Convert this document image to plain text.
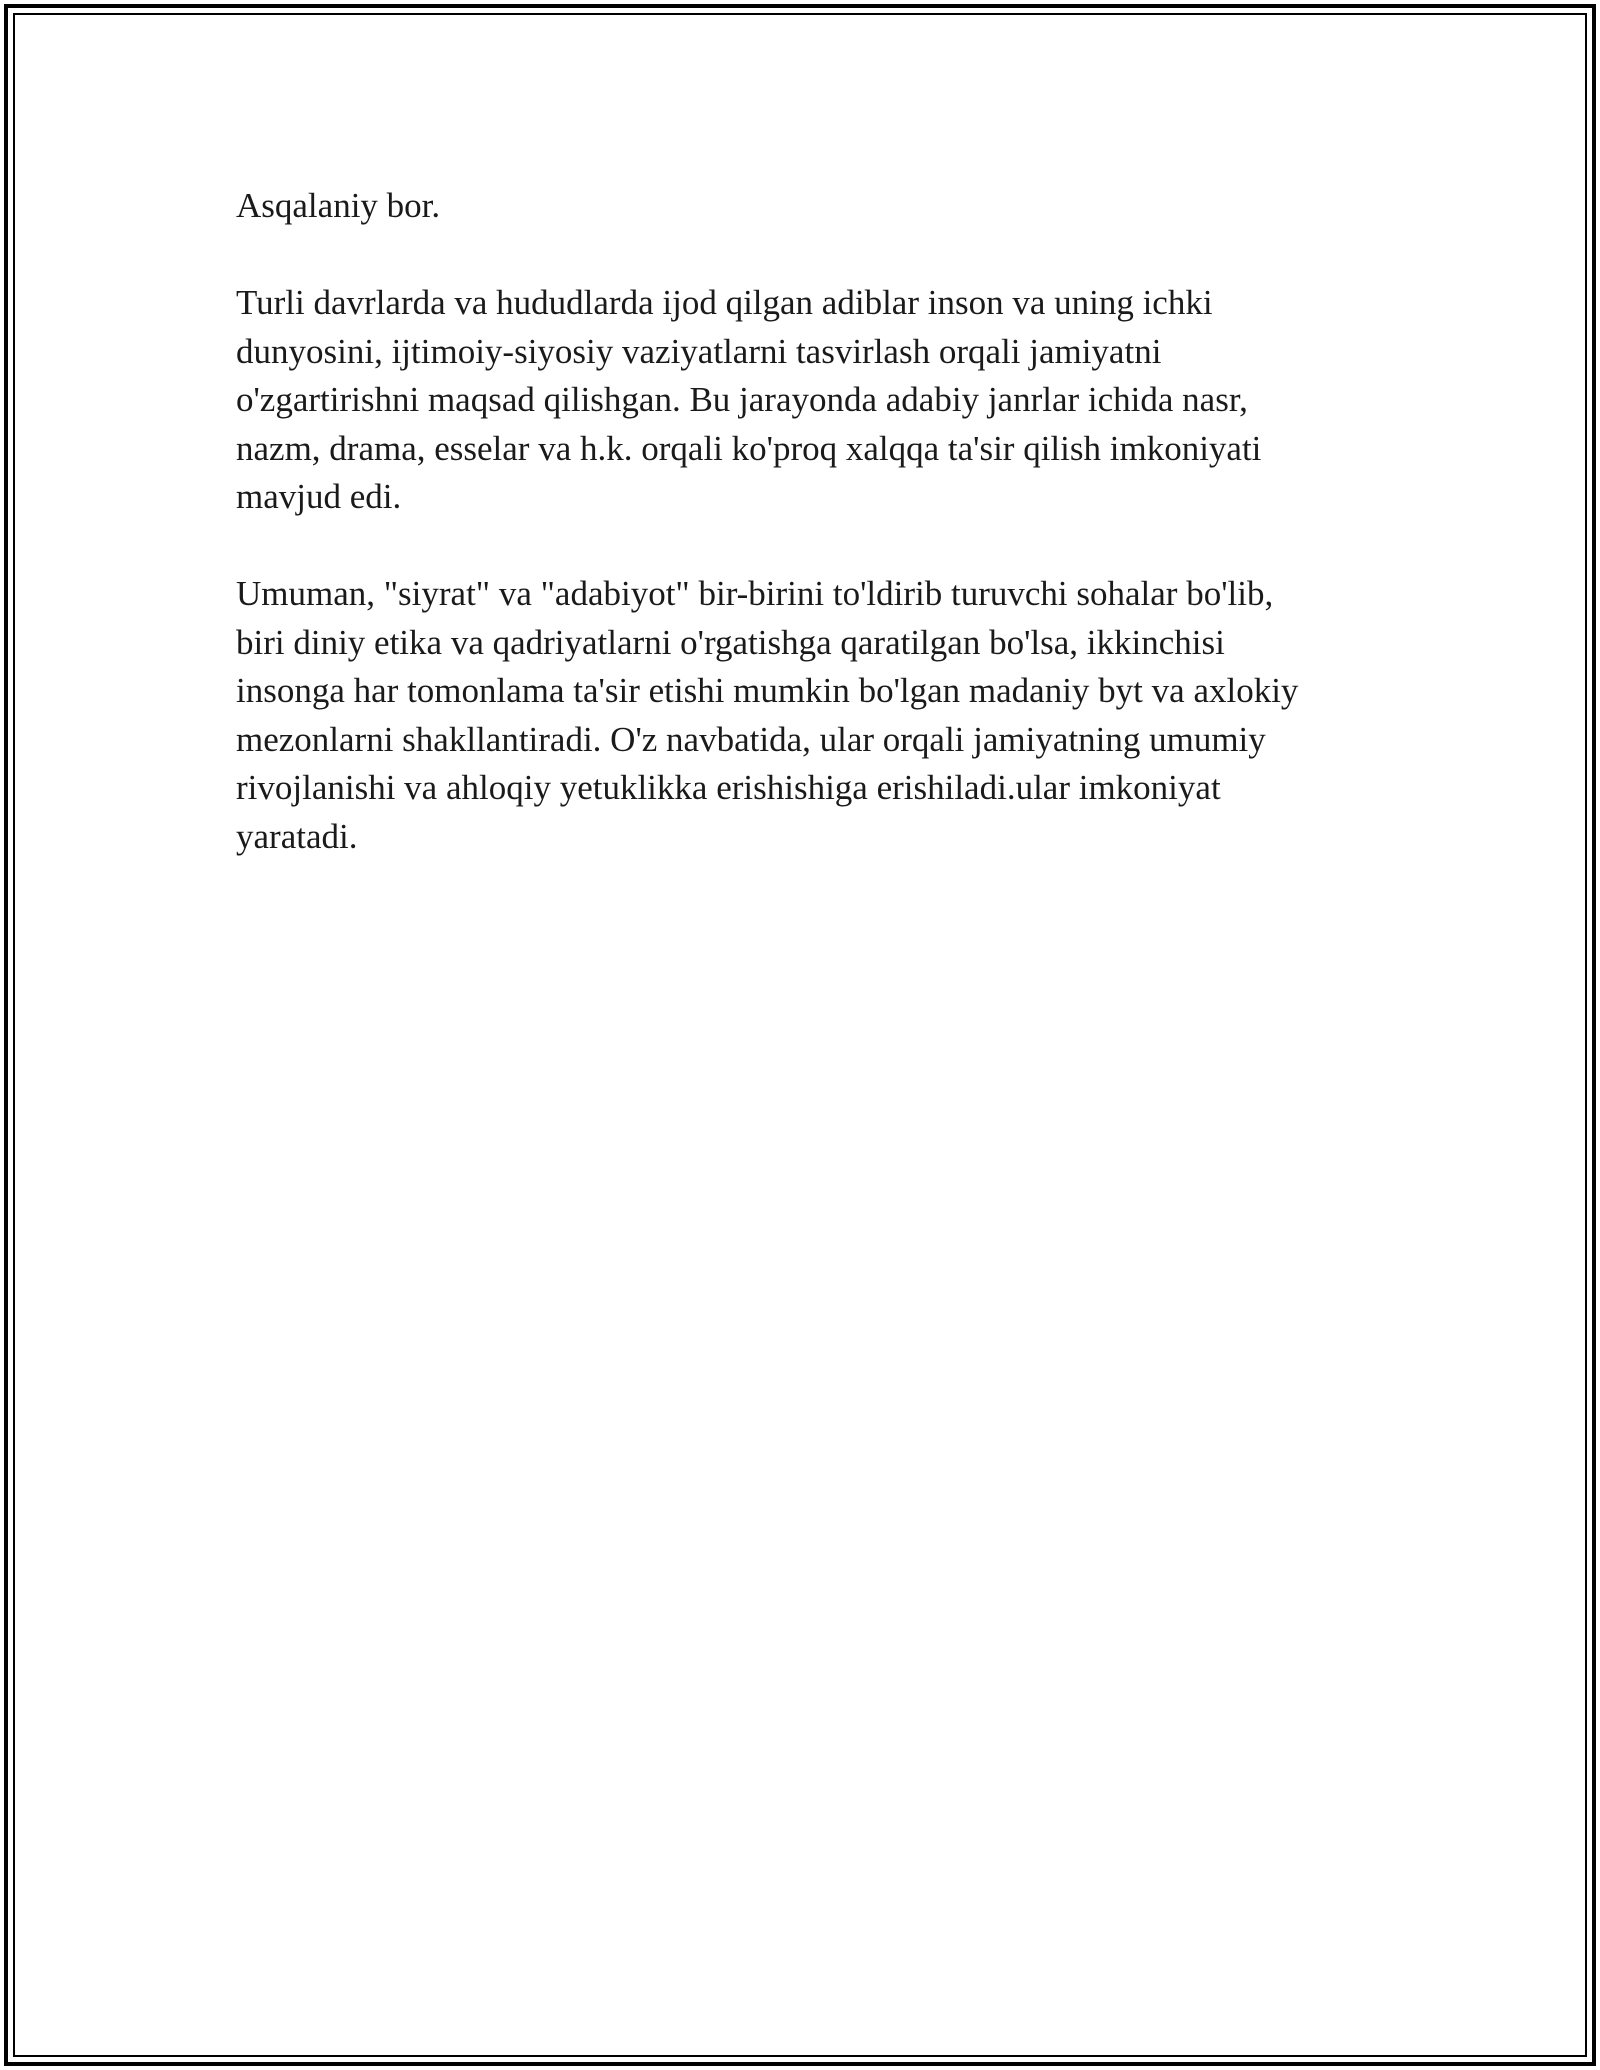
Asqalaniy bor.

Turli davrlarda va hududlarda ijod qilgan adiblar inson va uning ichki
dunyosini, ijtimoiy-siyosiy vaziyatlarni tasvirlash orqali jamiyatni
o'zgartirishni maqsad qilishgan. Bu jarayonda adabiy janrlar ichida nasr,
nazm, drama, esselar va h.k. orqali ko'proq xalqqa ta'sir qilish imkoniyati
mavjud edi.

Umuman, "siyrat" va "adabiyot" bir-birini to'ldirib turuvchi sohalar bo'lib,
biri diniy etika va qadriyatlarni o'rgatishga qaratilgan bo'lsa, ikkinchisi
insonga har tomonlama ta'sir etishi mumkin bo'lgan madaniy byt va axlokiy
mezonlarni shakllantiradi. O'z navbatida, ular orqali jamiyatning umumiy
rivojlanishi va ahloqiy yetuklikka erishishiga erishiladi.ular imkoniyat
yaratadi.
